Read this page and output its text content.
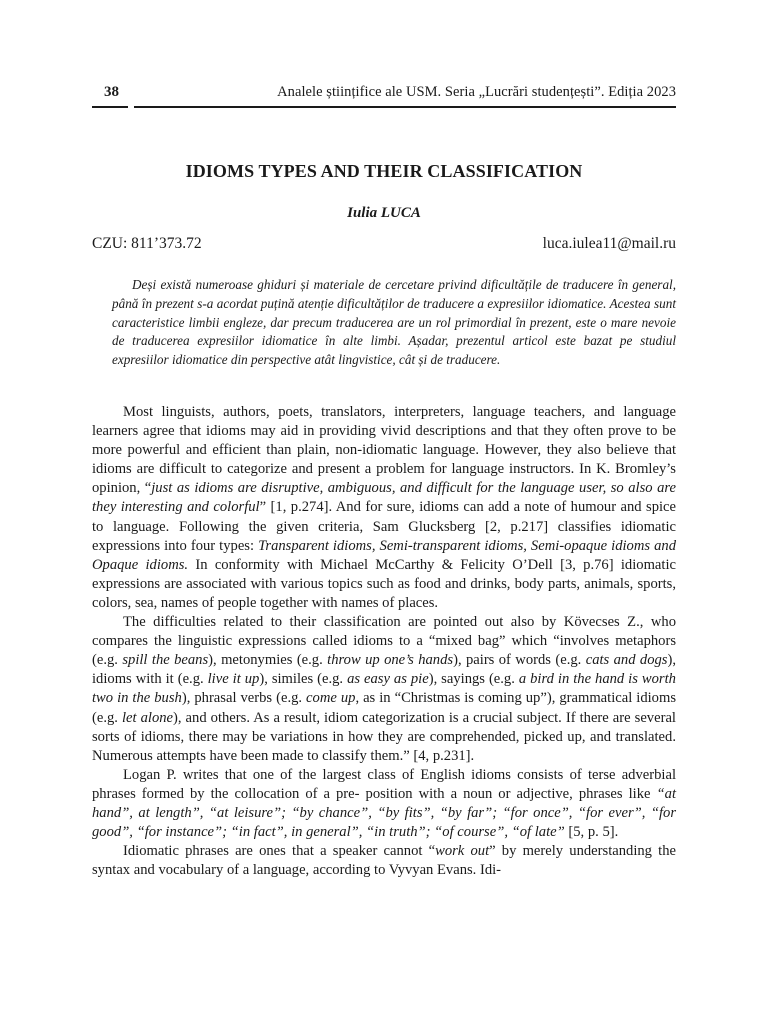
38	Analele științifice ale USM. Seria „Lucrări studențești”. Ediția 2023
IDIOMS TYPES AND THEIR CLASSIFICATION
Iulia LUCA
CZU: 811’373.72	luca.iulea11@mail.ru

Deși există numeroase ghiduri și materiale de cercetare privind dificultățile de traducere în general, până în prezent s-a acordat puțină atenție dificultăților de traducere a expresiilor idiomatice. Acestea sunt caracteristice limbii engleze, dar precum traducerea are un rol primordial în prezent, este o mare nevoie de traducerea expresiilor idiomatice în alte limbi. Așadar, prezentul articol este bazat pe studiul expresiilor idiomatice din perspective atât lingvistice, cât și de traducere.

Most linguists, authors, poets, translators, interpreters, language teachers, and language learners agree that idioms may aid in providing vivid descriptions and that they often prove to be more powerful and efficient than plain, non-idiomatic language. However, they also believe that idioms are difficult to categorize and present a problem for language instructors. In K. Bromley’s opinion, “just as idioms are disruptive, ambiguous, and difficult for the language user, so also are they interesting and colorful” [1, p.274]. And for sure, idioms can add a note of humour and spice to language. Following the given criteria, Sam Glucksberg [2, p.217] classifies idiomatic expressions into four types: Transparent idioms, Semi-transparent idioms, Semi-opaque idioms and Opaque idioms. In conformity with Michael McCarthy & Felicity O’Dell [3, p.76] idiomatic expressions are associated with various topics such as food and drinks, body parts, animals, sports, colors, sea, names of people together with names of places.

The difficulties related to their classification are pointed out also by Kövecses Z., who compares the linguistic expressions called idioms to a “mixed bag” which “involves metaphors (e.g. spill the beans), metonymies (e.g. throw up one’s hands), pairs of words (e.g. cats and dogs), idioms with it (e.g. live it up), similes (e.g. as easy as pie), sayings (e.g. a bird in the hand is worth two in the bush), phrasal verbs (e.g. come up, as in “Christmas is coming up”), grammatical idioms (e.g. let alone), and others. As a result, idiom categorization is a crucial subject. If there are several sorts of idioms, there may be variations in how they are comprehended, picked up, and translated. Numerous attempts have been made to classify them.” [4, p.231].

Logan P. writes that one of the largest class of English idioms consists of terse adverbial phrases formed by the collocation of a pre- position with a noun or adjective, phrases like “at hand”, at length”, “at leisure”; “by chance”, “by fits”, “by far”; “for once”, “for ever”, “for good”, “for instance”; “in fact”, in general”, “in truth”; “of course”, “of late” [5, p. 5].

Idiomatic phrases are ones that a speaker cannot “work out” by merely understanding the syntax and vocabulary of a language, according to Vyvyan Evans. Idi-
